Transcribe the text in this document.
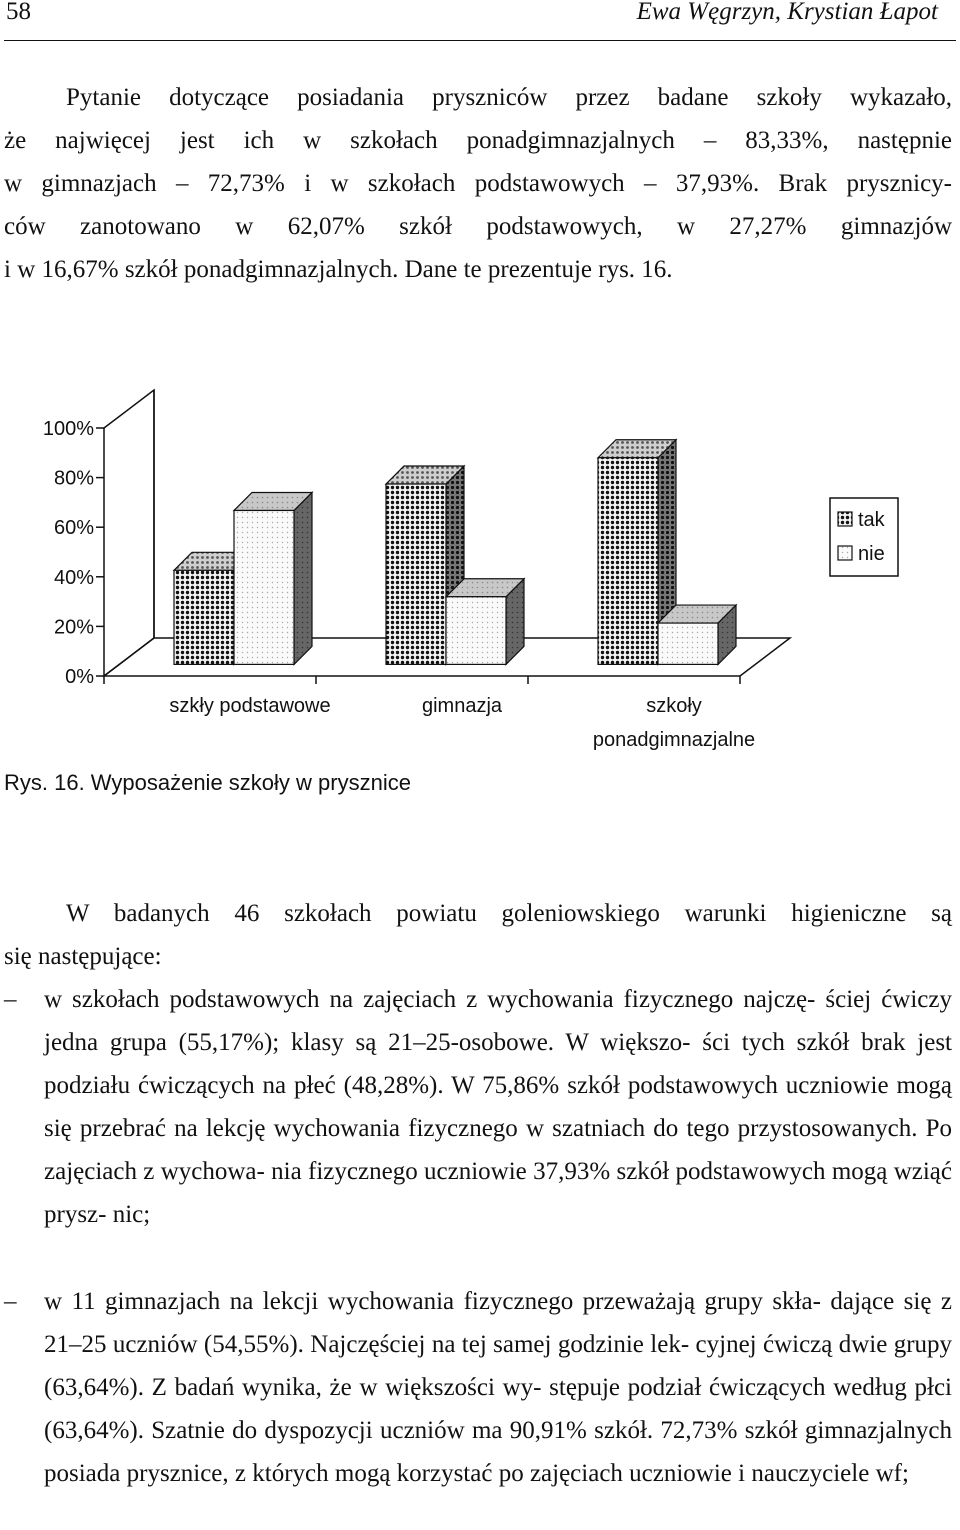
58	Ewa Węgrzyn, Krystian Łapot

Pytanie dotyczące posiadania pryszniców przez badane szkoły wykazało,
że najwięcej jest ich w szkołach ponadgimnazjalnych – 83,33%, następnie
w gimnazjach – 72,73% i w szkołach podstawowych – 37,93%. Brak prysznicy-
ców zanotowano w 62,07% szkół podstawowych, w 27,27% gimnazjów
i w 16,67% szkół ponadgimnazjalnych. Dane te prezentuje rys. 16.

0%
20%
40%
60%
80%
100%
szkły podstawowe	gimnazja	szkoły
ponadgimnazjalne
tak
nie
Rys. 16. Wyposażenie szkoły w prysznice

W badanych 46 szkołach powiatu goleniowskiego warunki higieniczne są
się następujące:

– w szkołach podstawowych na zajęciach z wychowania fizycznego najczę- ściej ćwiczy jedna grupa (55,17%); klasy są 21–25-osobowe. W większo- ści tych szkół brak jest podziału ćwiczących na płeć (48,28%). W 75,86% szkół podstawowych uczniowie mogą się przebrać na lekcję wychowania fizycznego w szatniach do tego przystosowanych. Po zajęciach z wychowa- nia fizycznego uczniowie 37,93% szkół podstawowych mogą wziąć prysz- nic;

– w 11 gimnazjach na lekcji wychowania fizycznego przeważają grupy skła- dające się z 21–25 uczniów (54,55%). Najczęściej na tej samej godzinie lek- cyjnej ćwiczą dwie grupy (63,64%). Z badań wynika, że w większości wy- stępuje podział ćwiczących według płci (63,64%). Szatnie do dyspozycji uczniów ma 90,91% szkół. 72,73% szkół gimnazjalnych posiada prysznice, z których mogą korzystać po zajęciach uczniowie i nauczyciele wf;
